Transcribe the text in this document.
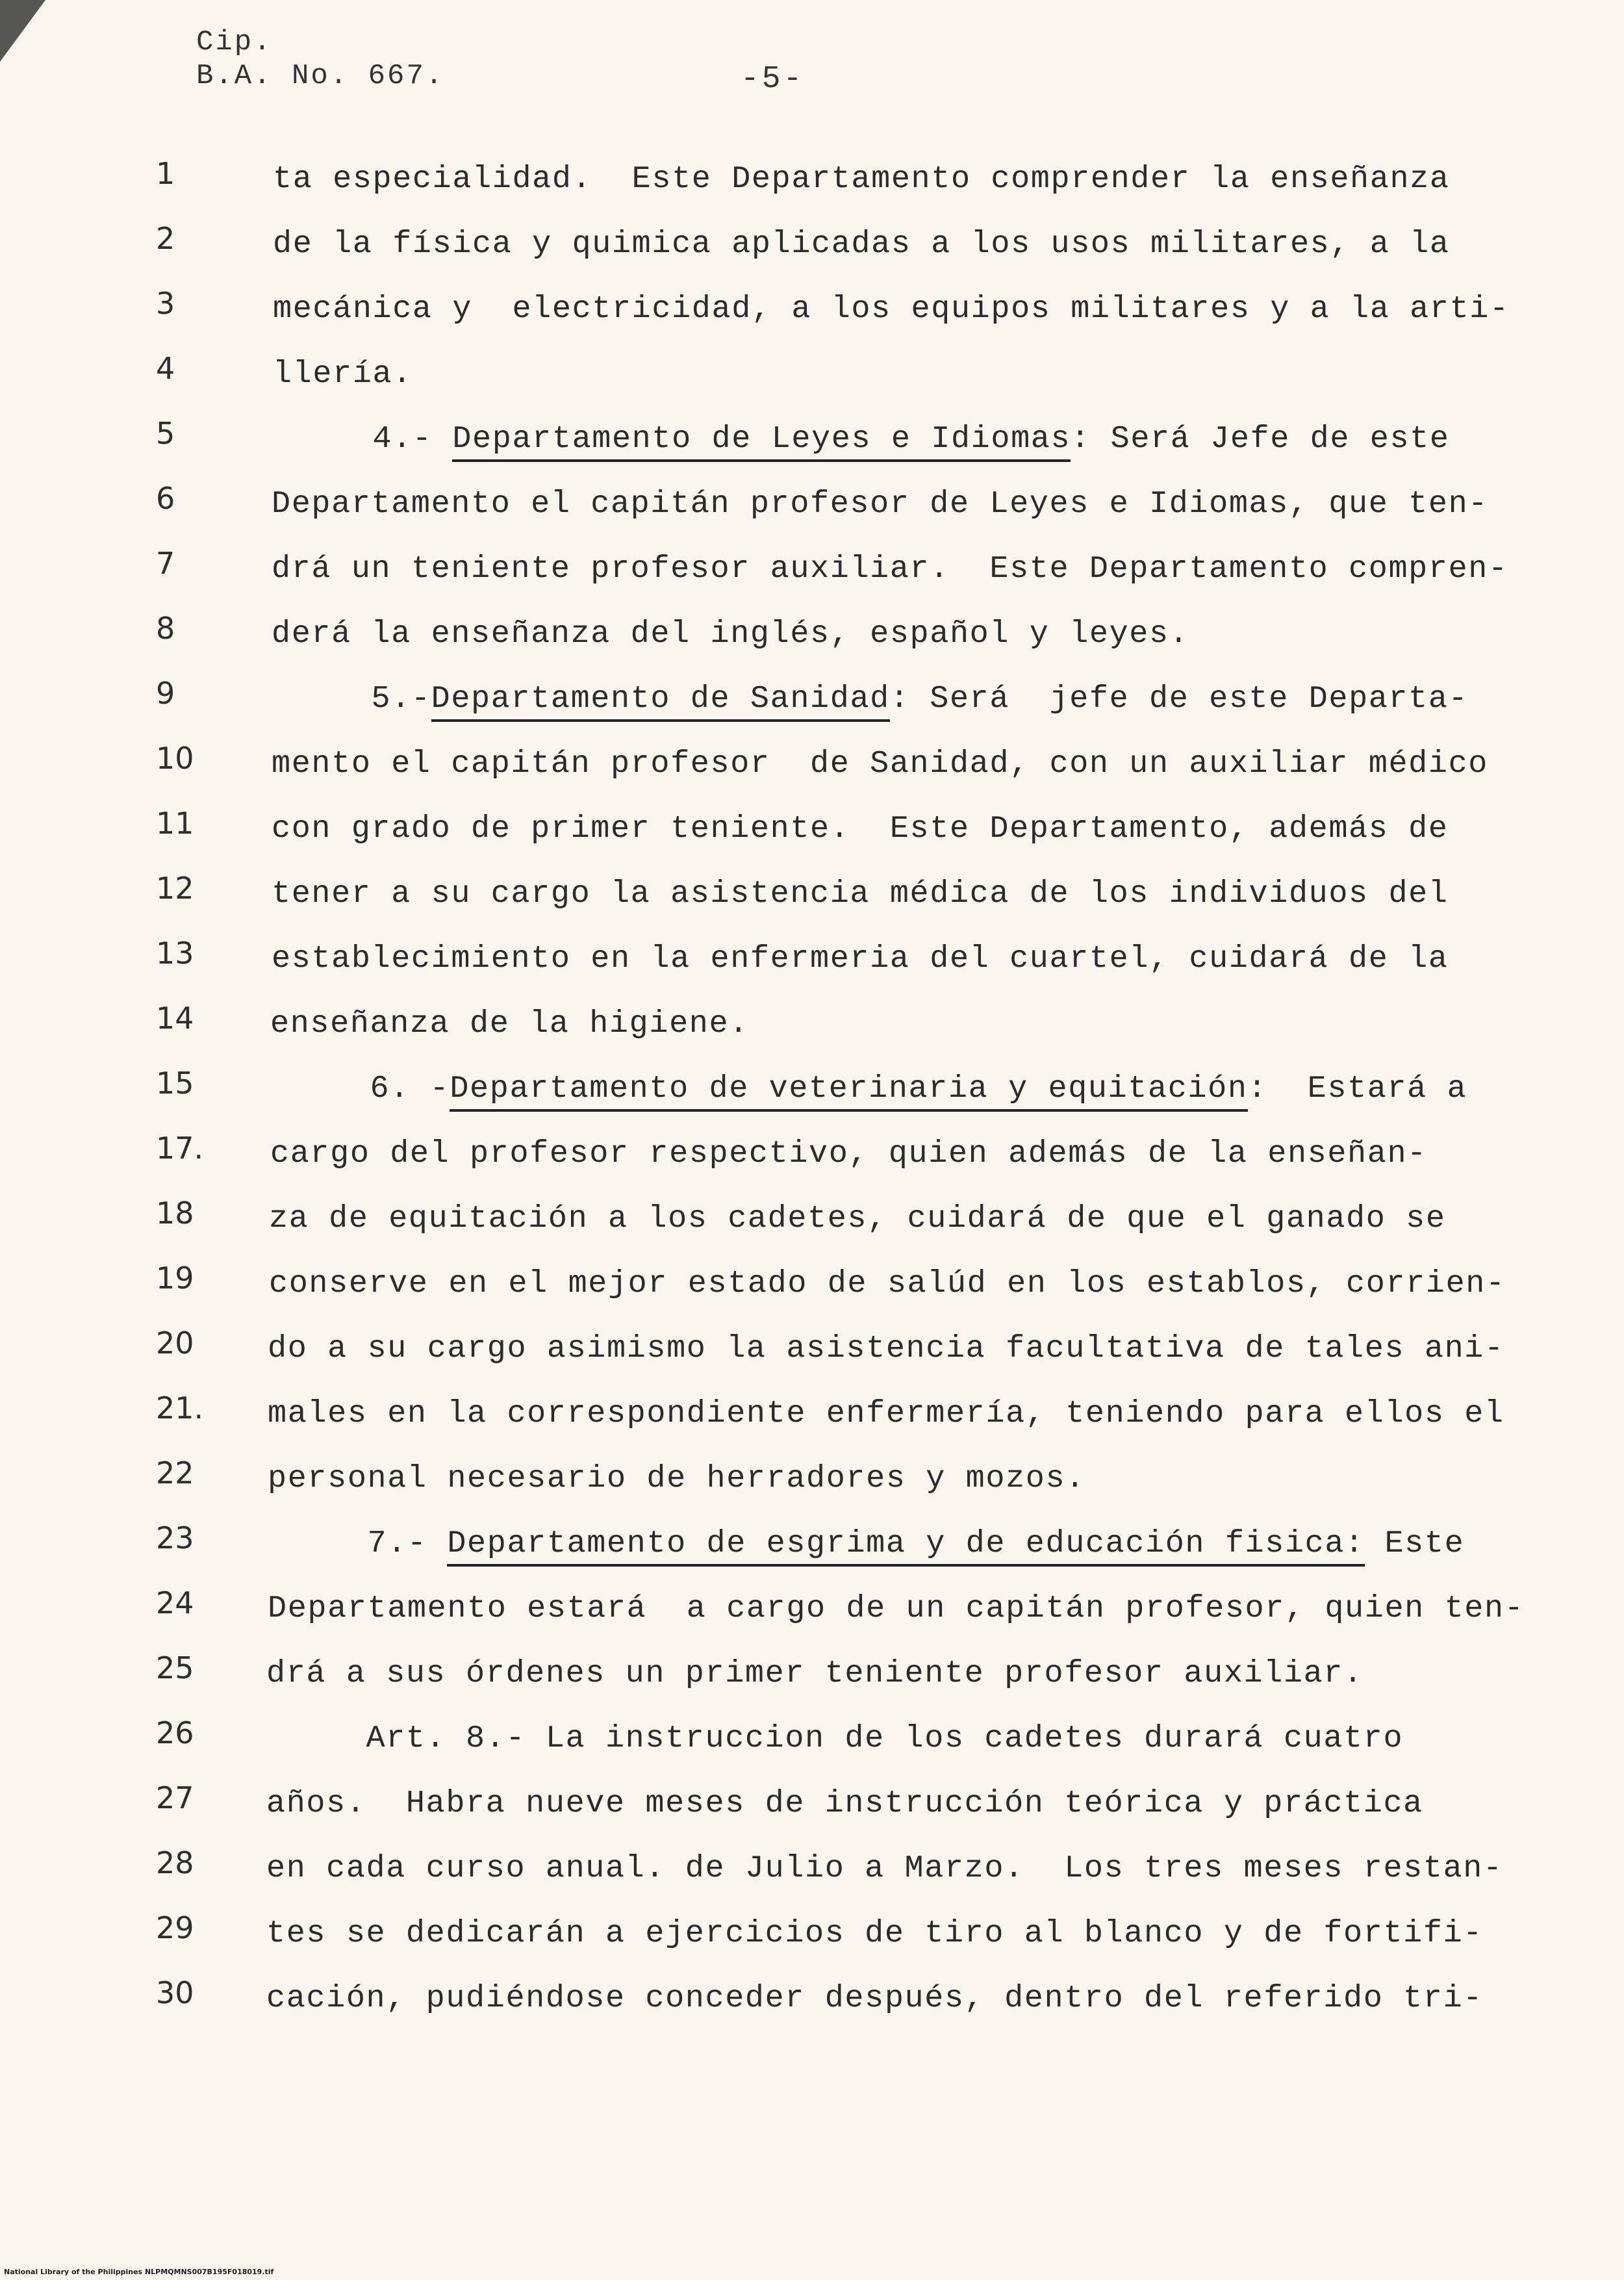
Cip.
B.A. No. 667.	-5-
1	ta especialidad.  Este Departamento comprender la enseñanza
2	de la física y quimica aplicadas a los usos militares, a la
3	mecánica y  electricidad, a los equipos militares y a la arti-
4	llería.
5	4.- Departamento de Leyes e Idiomas: Será Jefe de este
6	Departamento el capitán profesor de Leyes e Idiomas, que ten-
7	drá un teniente profesor auxiliar.  Este Departamento compren-
8	derá la enseñanza del inglés, español y leyes.
9	5.-Departamento de Sanidad: Será  jefe de este Departa-
10	mento el capitán profesor  de Sanidad, con un auxiliar médico
11	con grado de primer teniente.  Este Departamento, además de
12	tener a su cargo la asistencia médica de los individuos del
13	establecimiento en la enfermeria del cuartel, cuidará de la
14	enseñanza de la higiene.
15	6. -Departamento de veterinaria y equitación:  Estará a
17.	cargo del profesor respectivo, quien además de la enseñan-
18	za de equitación a los cadetes, cuidará de que el ganado se
19	conserve en el mejor estado de salúd en los establos, corrien-
20	do a su cargo asimismo la asistencia facultativa de tales ani-
21.	males en la correspondiente enfermería, teniendo para ellos el
22	personal necesario de herradores y mozos.
23	7.- Departamento de esgrima y de educación fisica: Este
24	Departamento estará  a cargo de un capitán profesor, quien ten-
25	drá a sus órdenes un primer teniente profesor auxiliar.
26	Art. 8.- La instruccion de los cadetes durará cuatro
27	años.  Habra nueve meses de instrucción teórica y práctica
28	en cada curso anual. de Julio a Marzo.  Los tres meses restan-
29	tes se dedicarán a ejercicios de tiro al blanco y de fortifi-
30	cación, pudiéndose conceder después, dentro del referido tri-
National Library of the Philippines NLPMQMNS007B195F018019.tif
